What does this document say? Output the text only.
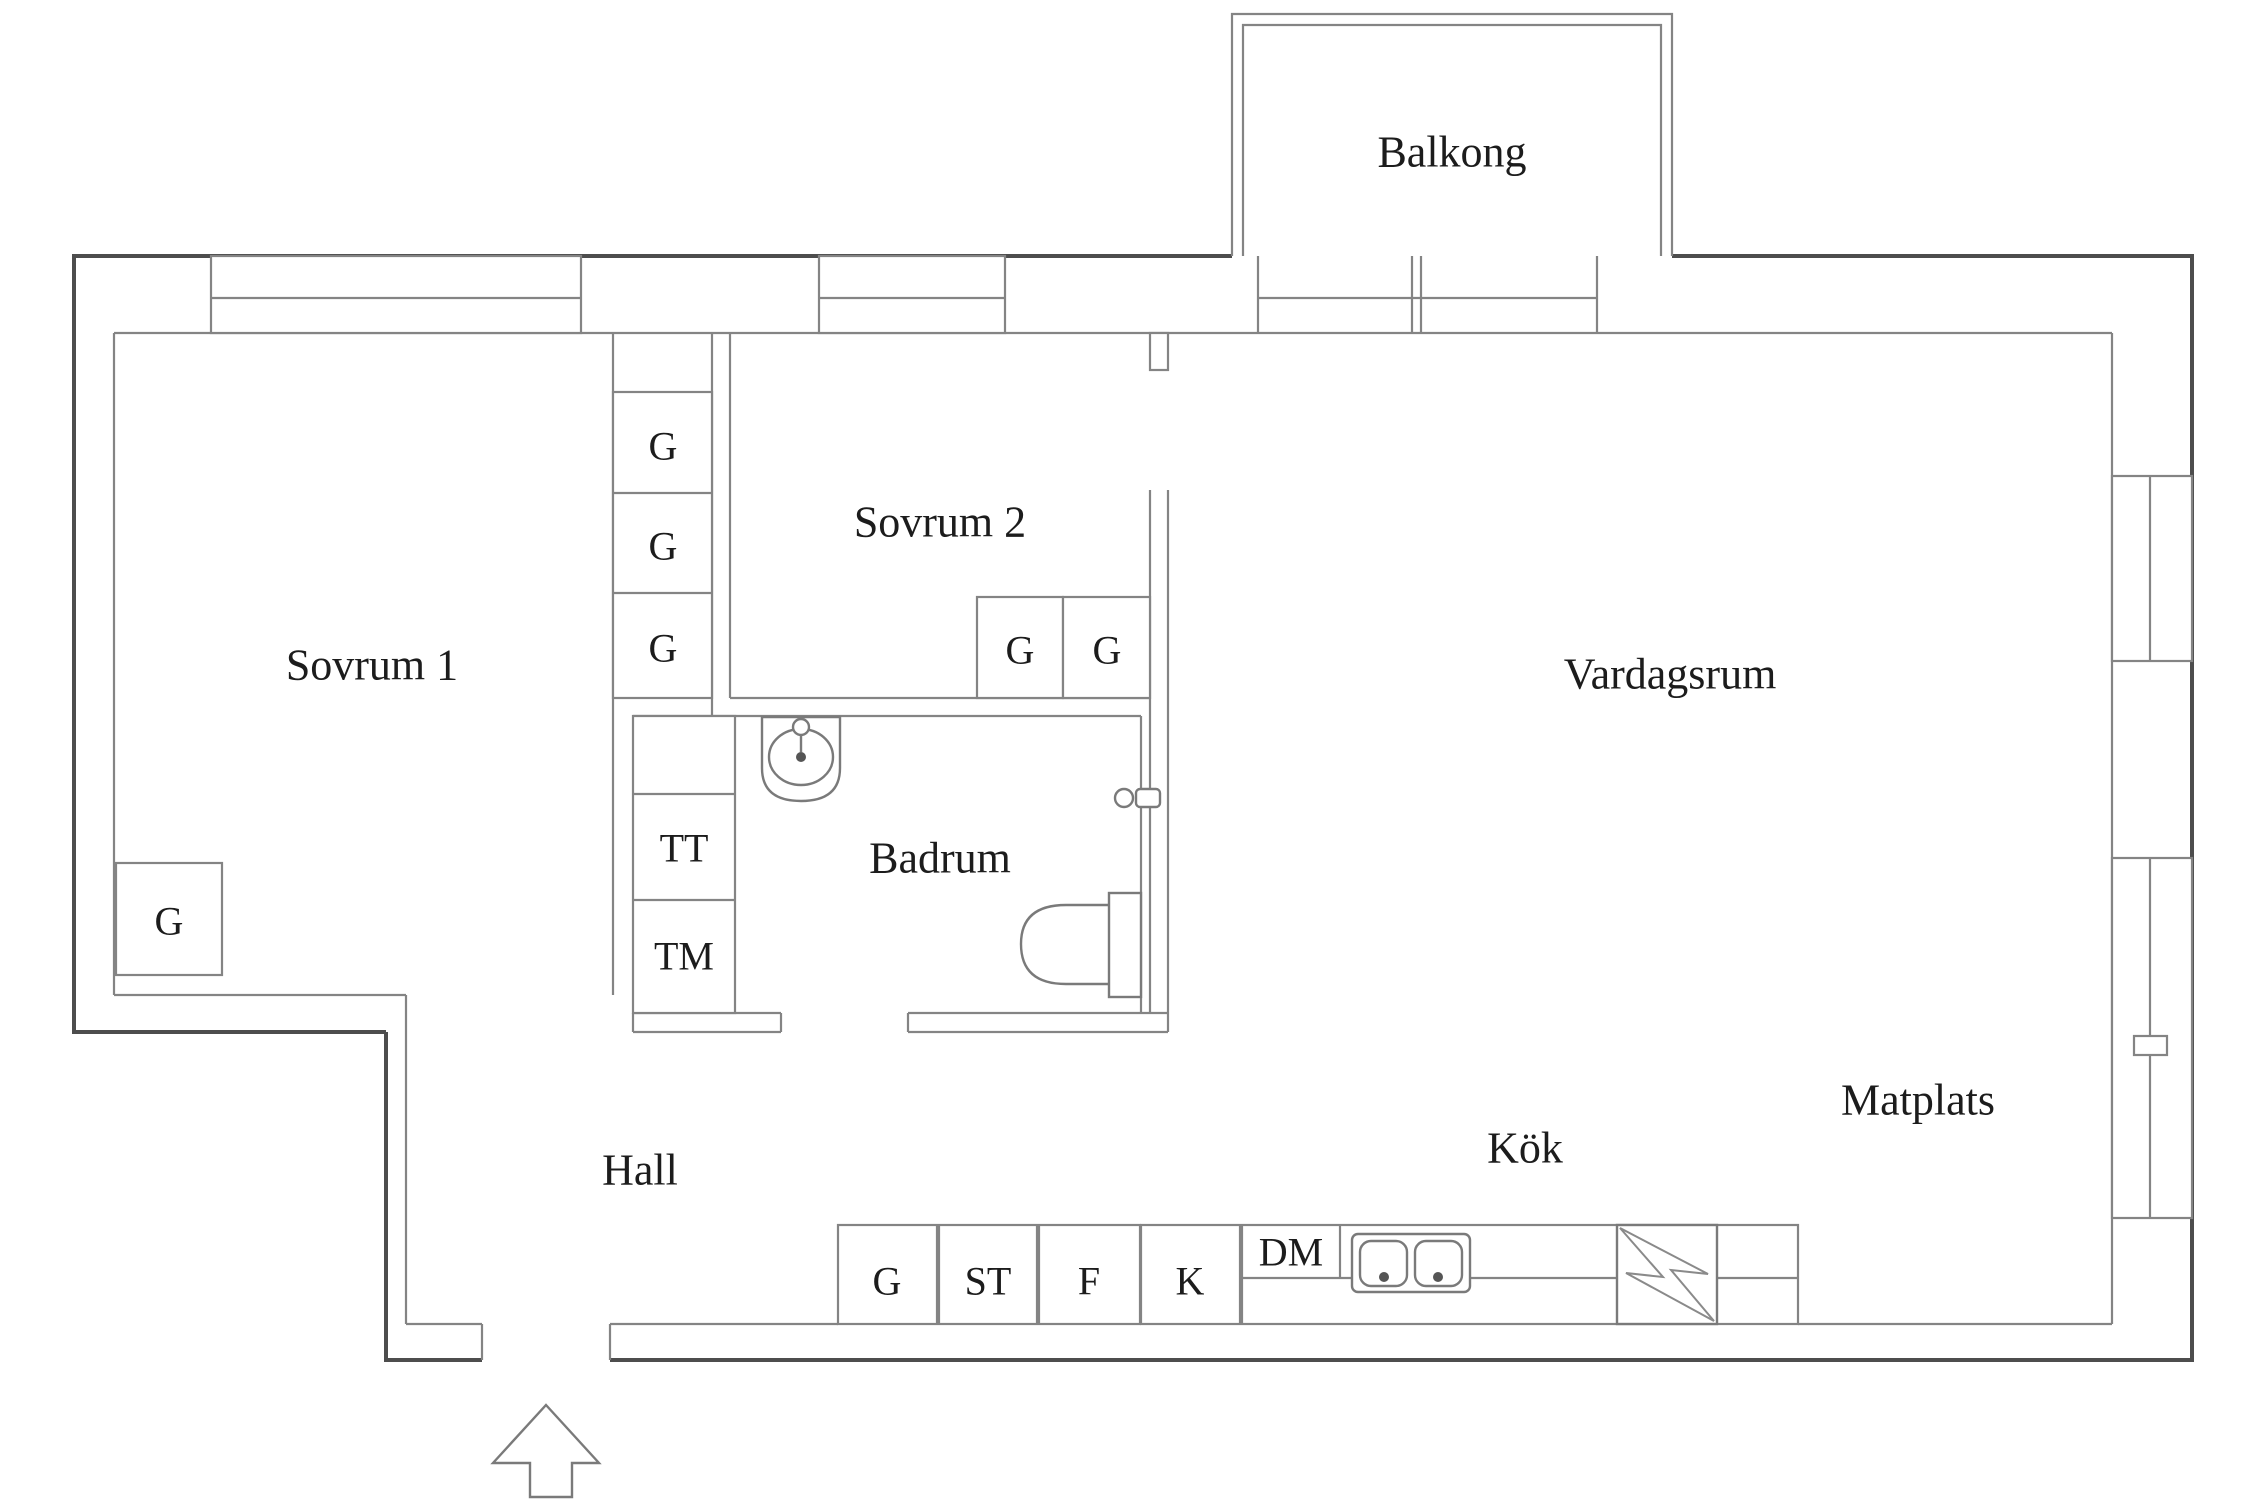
Balkong
G
Sovrum 1
G
G
G	G G
Sovrum 2
TT
TM
Badrum
Hall
G ST F K
DM
Kök
Vardagsrum
Matplats
